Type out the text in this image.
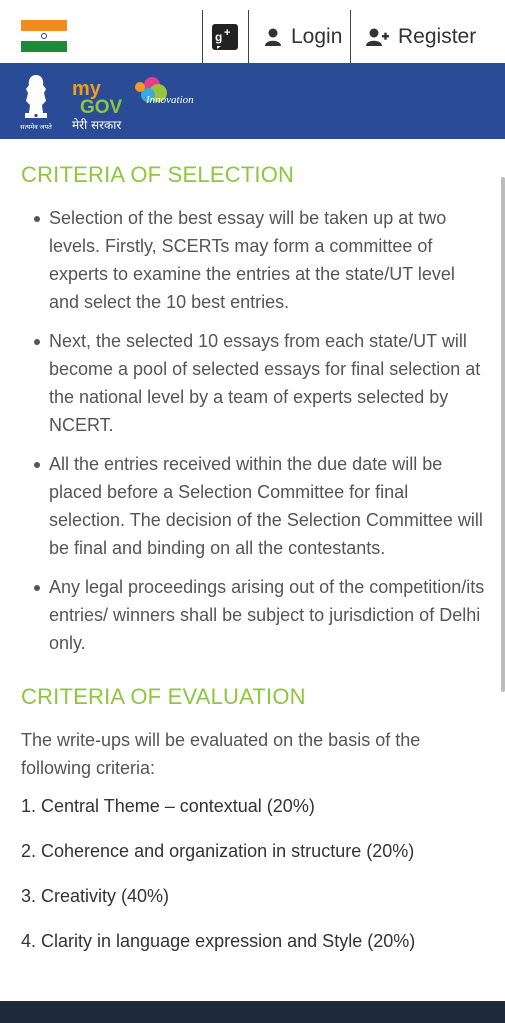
g +	Login	Register
सत्यमेव जयते
my
GOV Innovation
मेरी सरकार
CRITERIA OF SELECTION
Selection of the best essay will be taken up at two levels. Firstly, SCERTs may form a committee of experts to examine the entries at the state/UT level and select the 10 best entries.
Next, the selected 10 essays from each state/UT will become a pool of selected essays for final selection at the national level by a team of experts selected by NCERT.
All the entries received within the due date will be placed before a Selection Committee for final selection. The decision of the Selection Committee will be final and binding on all the contestants.
Any legal proceedings arising out of the competition/its entries/ winners shall be subject to jurisdiction of Delhi only.
CRITERIA OF EVALUATION

The write-ups will be evaluated on the basis of the following criteria:

1. Central Theme – contextual (20%)
2. Coherence and organization in structure (20%)
3. Creativity (40%)
4. Clarity in language expression and Style (20%)
